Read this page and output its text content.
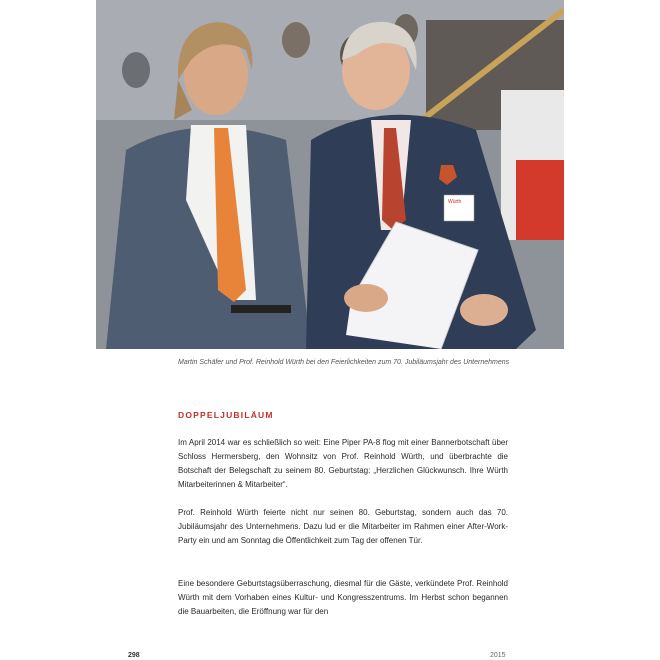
Würth
Martin Schäfer und Prof. Reinhold Würth bei den Feierlichkeiten zum 70. Jubiläumsjahr des Unternehmens
DOPPELJUBILÄUM

Im April 2014 war es schließlich so weit: Eine Piper PA-8 flog mit einer Bannerbotschaft über Schloss Hermersberg, den Wohnsitz von Prof. Reinhold Würth, und überbrachte die Botschaft der Belegschaft zu seinem 80. Geburtstag: „Herzlichen Glückwunsch. Ihre Würth Mitarbeiterinnen & Mitarbeiter“.

Prof. Reinhold Würth feierte nicht nur seinen 80. Geburtstag, sondern auch das 70. Jubiläumsjahr des Unternehmens. Dazu lud er die Mitarbeiter im Rahmen einer After-Work-Party ein und am Sonntag die Öffentlichkeit zum Tag der offenen Tür.

Eine besondere Geburtstagsüberraschung, diesmal für die Gäste, verkündete Prof. Reinhold Würth mit dem Vorhaben eines Kultur- und Kongresszentrums. Im Herbst schon begannen die Bauarbeiten, die Eröffnung war für den

298	2015
